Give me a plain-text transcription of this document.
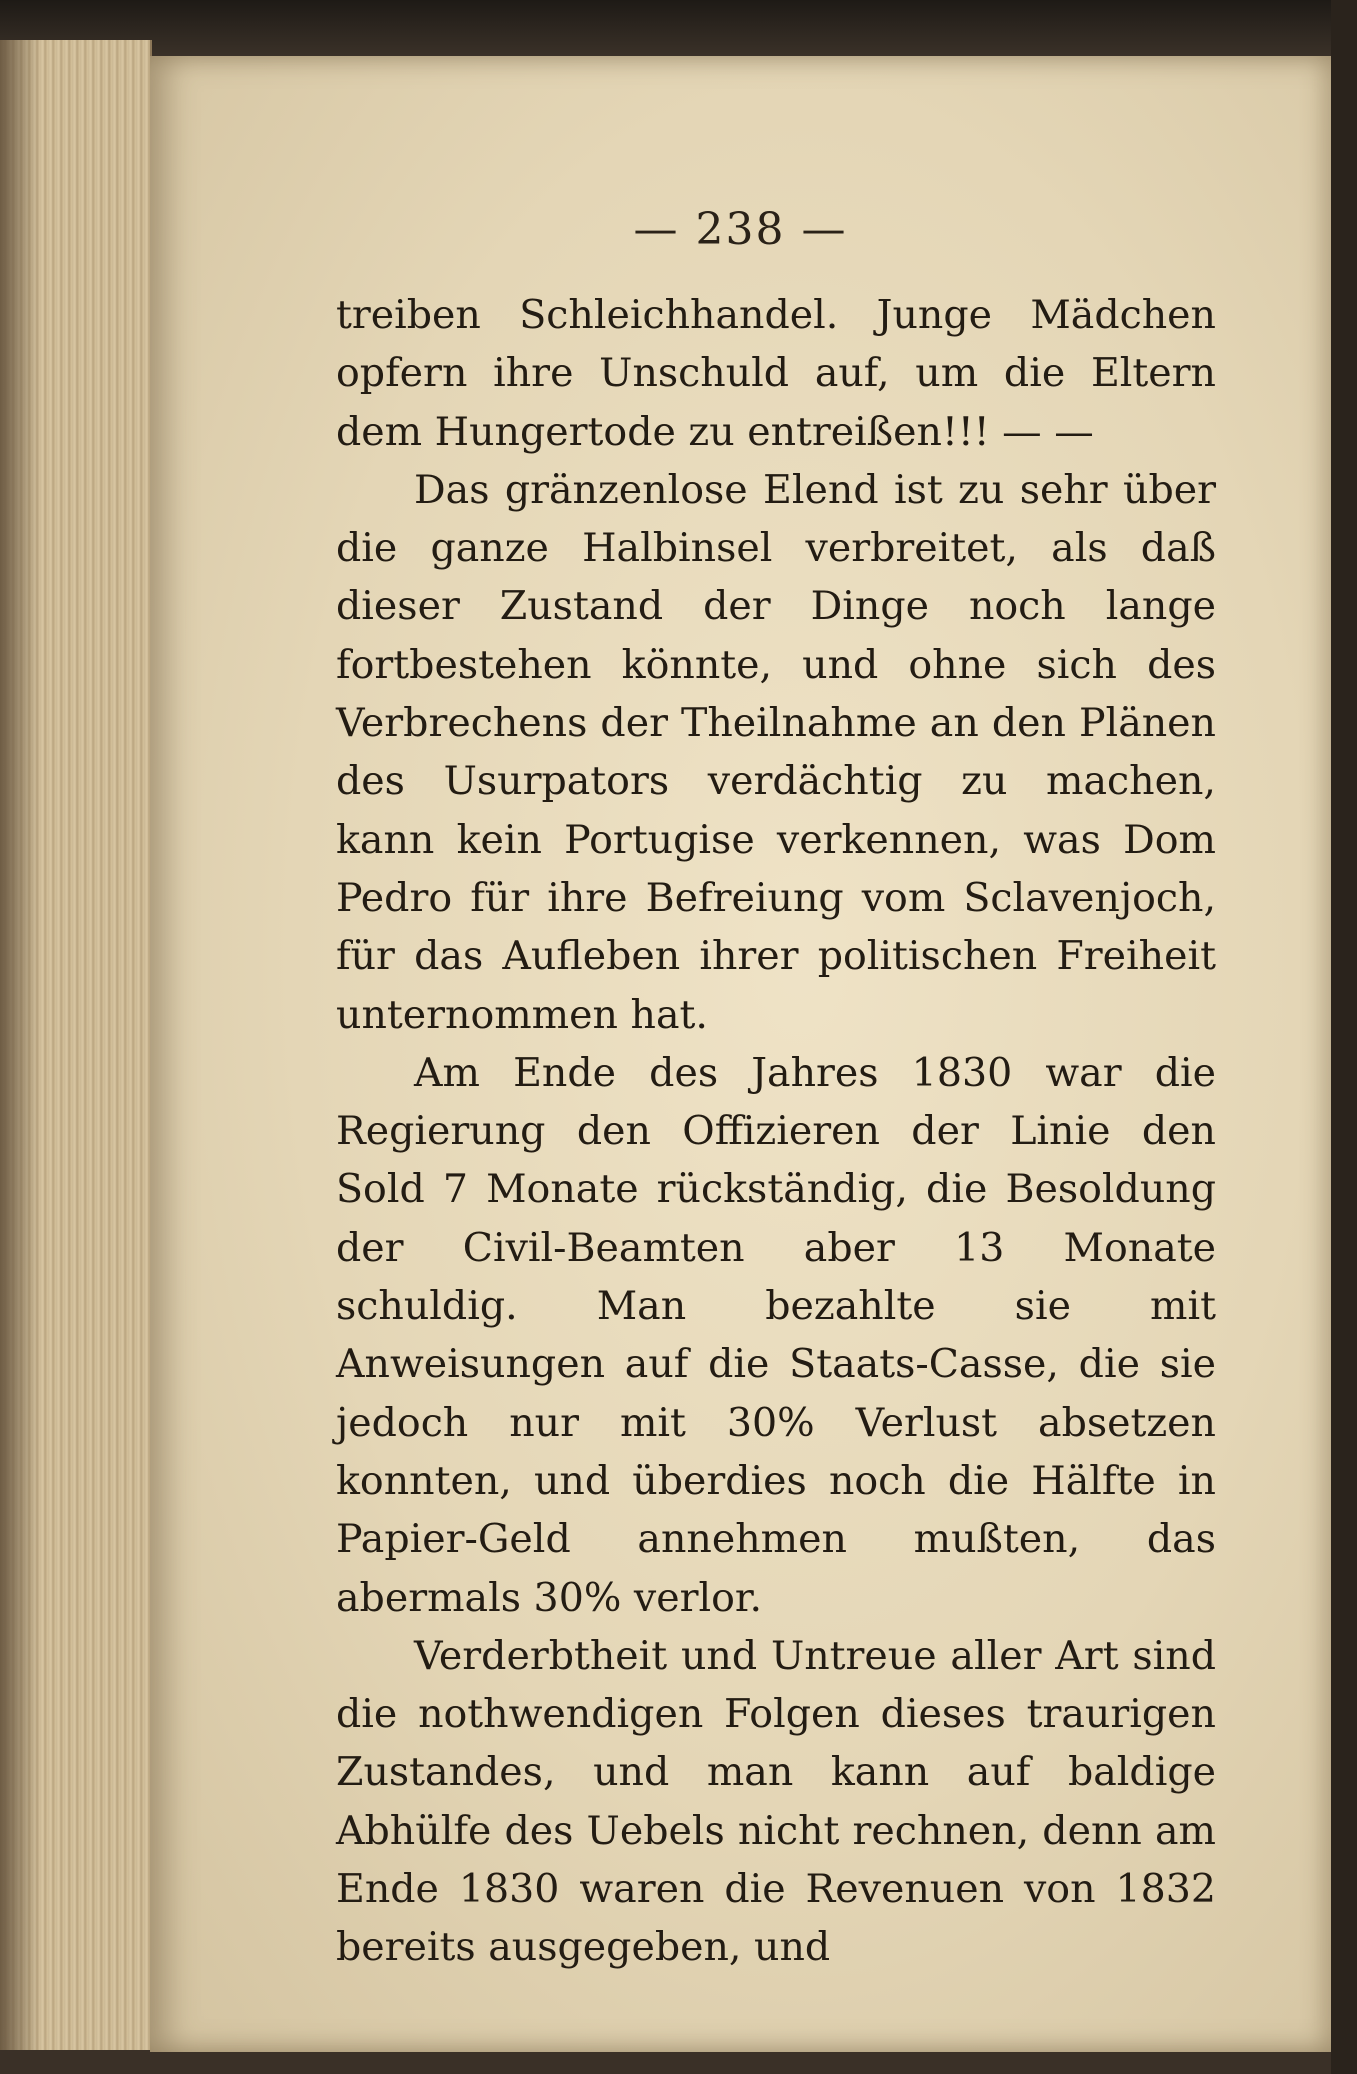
— 238 —

treiben Schleichhandel. Junge Mädchen opfern ihre Unschuld auf, um die Eltern dem Hungertode zu entreißen!!! — —

Das gränzenlose Elend ist zu sehr über die ganze Halbinsel verbreitet, als daß dieser Zustand der Dinge noch lange fortbestehen könnte, und ohne sich des Verbrechens der Theilnahme an den Plänen des Usurpators verdächtig zu machen, kann kein Portugise verkennen, was Dom Pedro für ihre Befreiung vom Sclavenjoch, für das Aufleben ihrer politischen Freiheit unternommen hat.

Am Ende des Jahres 1830 war die Regierung den Offizieren der Linie den Sold 7 Monate rückständig, die Besoldung der Civil-Beamten aber 13 Monate schuldig. Man bezahlte sie mit Anweisungen auf die Staats-Casse, die sie jedoch nur mit 30% Verlust absetzen konnten, und überdies noch die Hälfte in Papier-Geld annehmen mußten, das abermals 30% verlor.

Verderbtheit und Untreue aller Art sind die nothwendigen Folgen dieses traurigen Zustandes, und man kann auf baldige Abhülfe des Uebels nicht rechnen, denn am Ende 1830 waren die Revenuen von 1832 bereits ausgegeben, und
